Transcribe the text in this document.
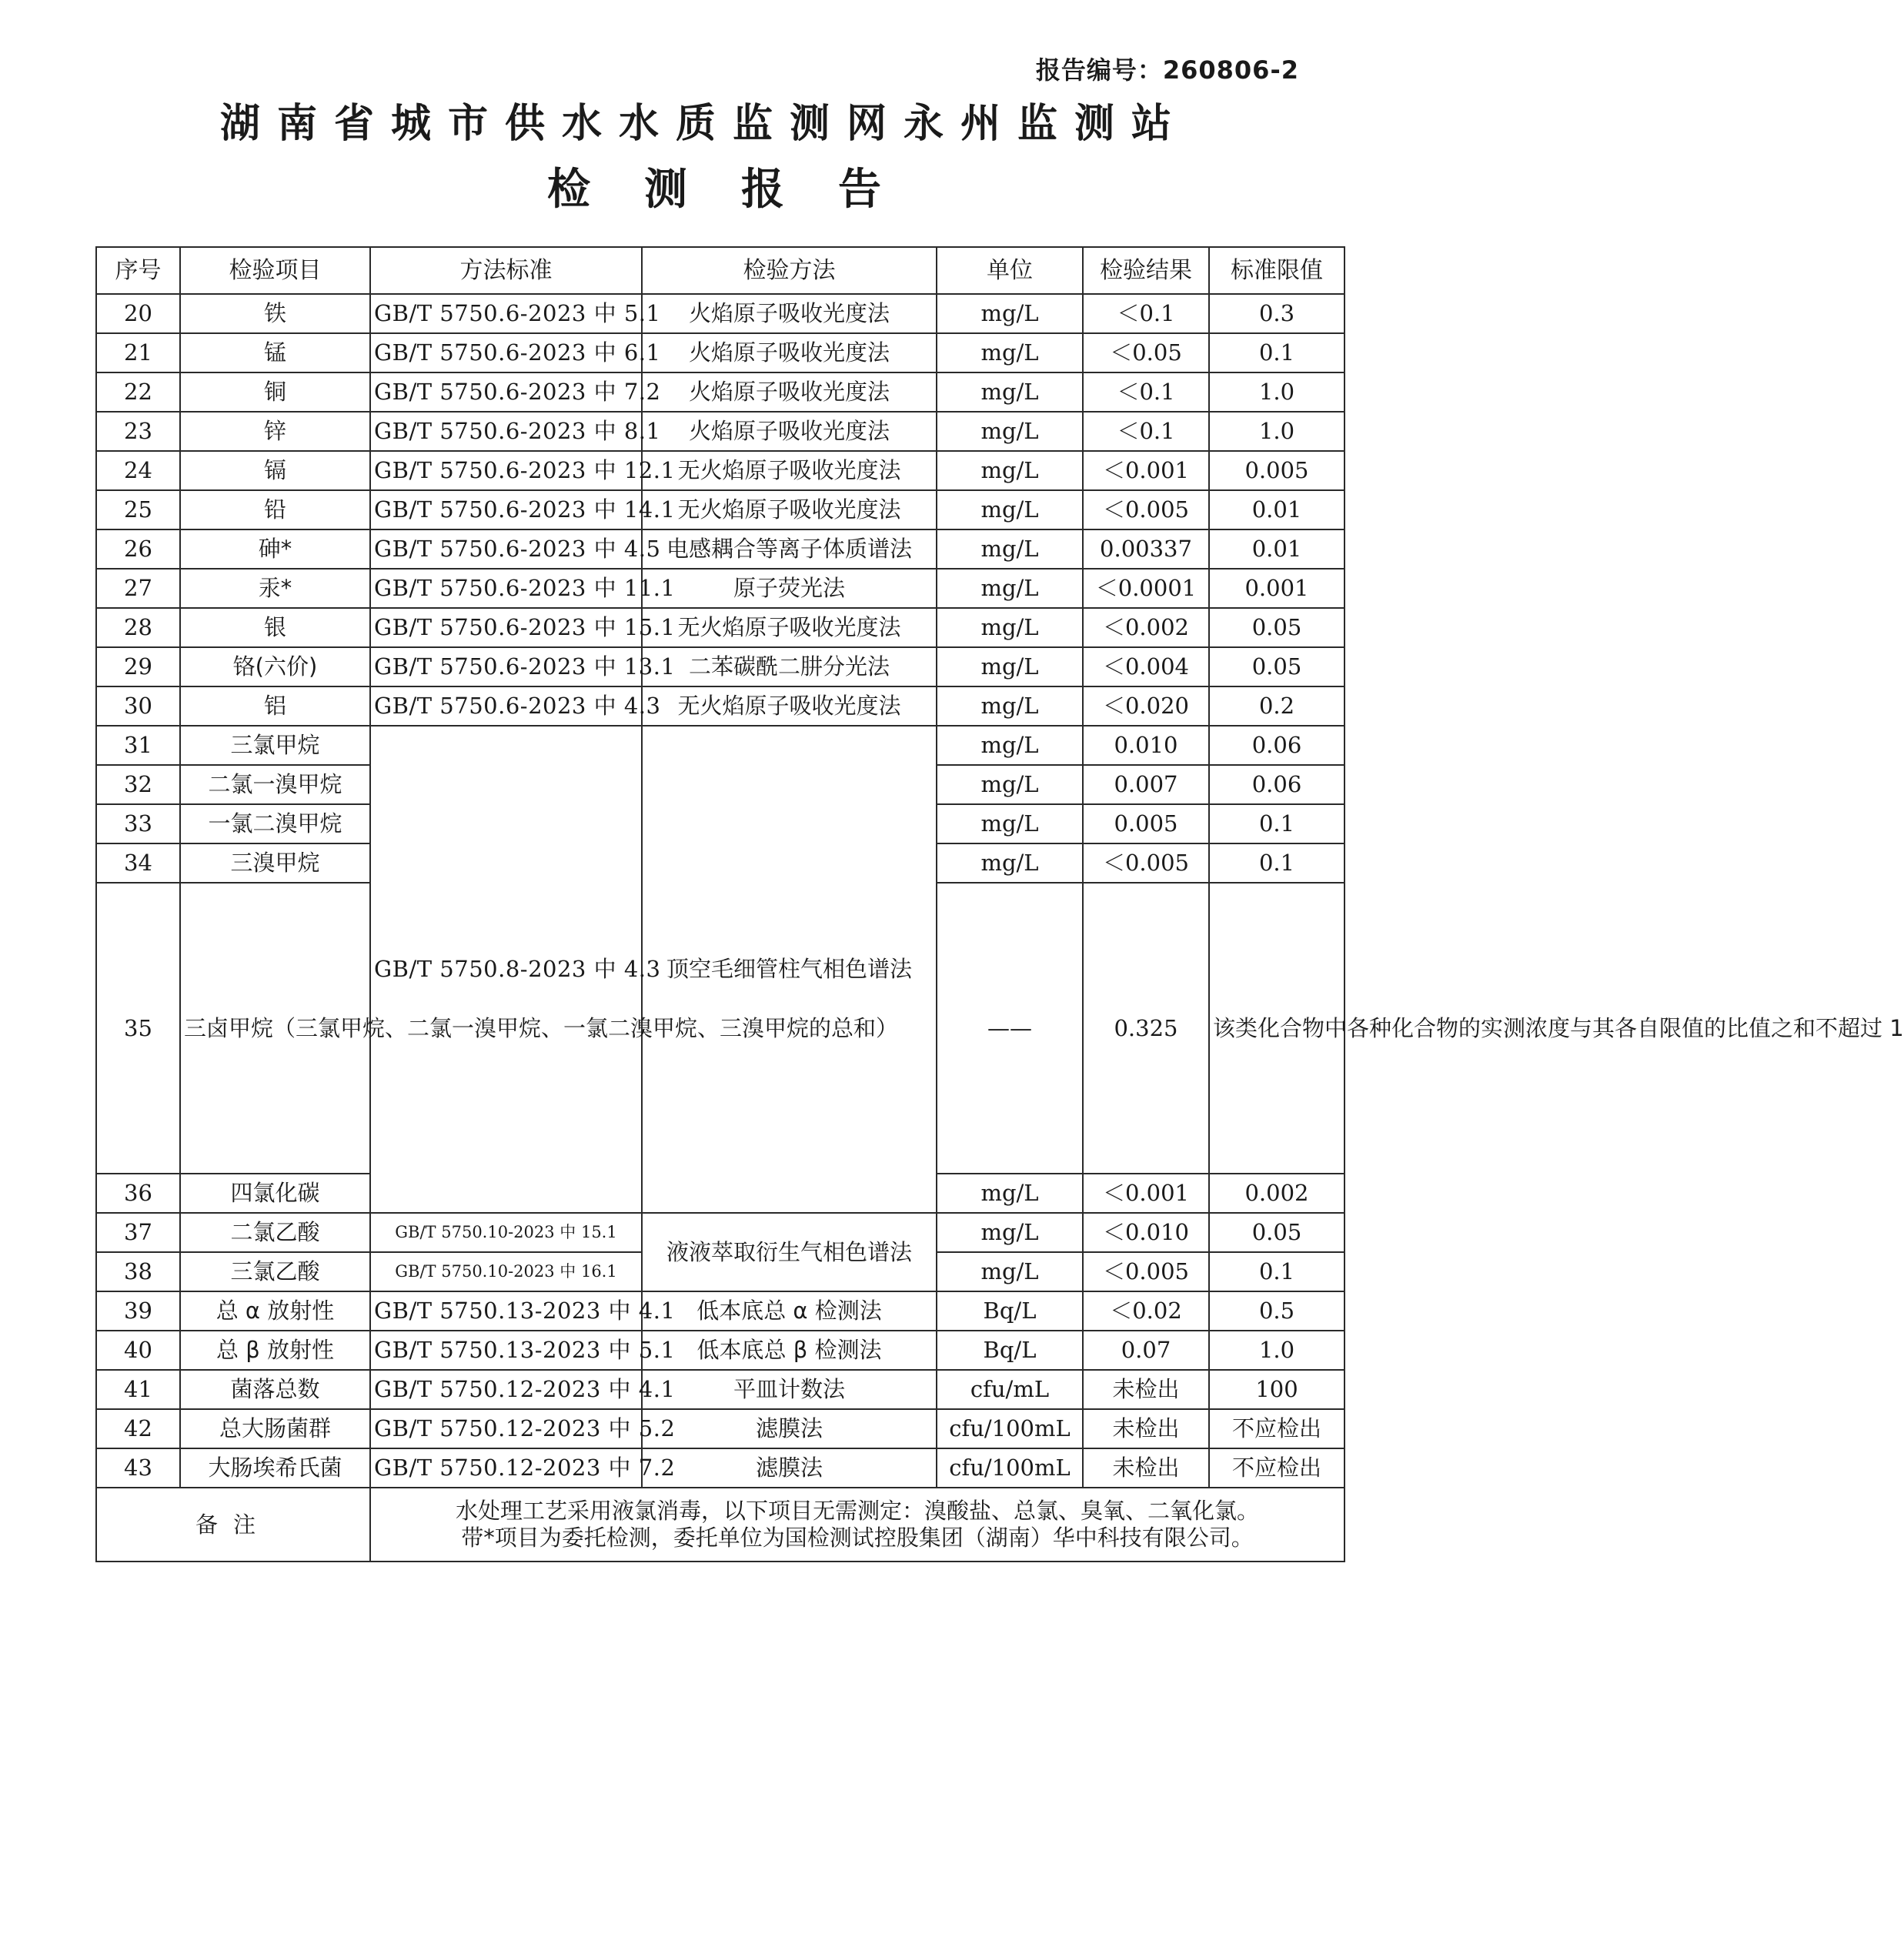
报告编号：260806-2
湖南省城市供水水质监测网永州监测站
检测报告
序号	检验项目	方法标准	检验方法	单位	检验结果	标准限值
20	铁	GB/T 5750.6-2023 中 5.1	火焰原子吸收光度法	mg/L	＜0.1	0.3
21	锰	GB/T 5750.6-2023 中 6.1	火焰原子吸收光度法	mg/L	＜0.05	0.1
22	铜	GB/T 5750.6-2023 中 7.2	火焰原子吸收光度法	mg/L	＜0.1	1.0
23	锌	GB/T 5750.6-2023 中 8.1	火焰原子吸收光度法	mg/L	＜0.1	1.0
24	镉	GB/T 5750.6-2023 中 12.1	无火焰原子吸收光度法	mg/L	＜0.001	0.005
25	铅	GB/T 5750.6-2023 中 14.1	无火焰原子吸收光度法	mg/L	＜0.005	0.01
26	砷*	GB/T 5750.6-2023 中 4.5	电感耦合等离子体质谱法	mg/L	0.00337	0.01
27	汞*	GB/T 5750.6-2023 中 11.1	原子荧光法	mg/L	＜0.0001	0.001
28	银	GB/T 5750.6-2023 中 15.1	无火焰原子吸收光度法	mg/L	＜0.002	0.05
29	铬(六价)	GB/T 5750.6-2023 中 13.1	二苯碳酰二肼分光法	mg/L	＜0.004	0.05
30	铝	GB/T 5750.6-2023 中 4.3	无火焰原子吸收光度法	mg/L	＜0.020	0.2
31	三氯甲烷	GB/T 5750.8-2023 中 4.3	顶空毛细管柱气相色谱法	mg/L	0.010	0.06
32	二氯一溴甲烷			mg/L	0.007	0.06
33	一氯二溴甲烷			mg/L	0.005	0.1
34	三溴甲烷			mg/L	＜0.005	0.1
35	三卤甲烷（三氯甲烷、二氯一溴甲烷、一氯二溴甲烷、三溴甲烷的总和）			——	0.325	该类化合物中各种化合物的实测浓度与其各自限值的比值之和不超过 1
36	四氯化碳			mg/L	＜0.001	0.002
37	二氯乙酸	GB/T 5750.10-2023 中 15.1	液液萃取衍生气相色谱法	mg/L	＜0.010	0.05
38	三氯乙酸	GB/T 5750.10-2023 中 16.1		mg/L	＜0.005	0.1
39	总 α 放射性	GB/T 5750.13-2023 中 4.1	低本底总 α 检测法	Bq/L	＜0.02	0.5
40	总 β 放射性	GB/T 5750.13-2023 中 5.1	低本底总 β 检测法	Bq/L	0.07	1.0
41	菌落总数	GB/T 5750.12-2023 中 4.1	平皿计数法	cfu/mL	未检出	100
42	总大肠菌群	GB/T 5750.12-2023 中 5.2	滤膜法	cfu/100mL	未检出	不应检出
43	大肠埃希氏菌	GB/T 5750.12-2023 中 7.2	滤膜法	cfu/100mL	未检出	不应检出
备注		水处理工艺采用液氯消毒，以下项目无需测定：溴酸盐、总氯、臭氧、二氧化氯。
带*项目为委托检测，委托单位为国检测试控股集团（湖南）华中科技有限公司。				
